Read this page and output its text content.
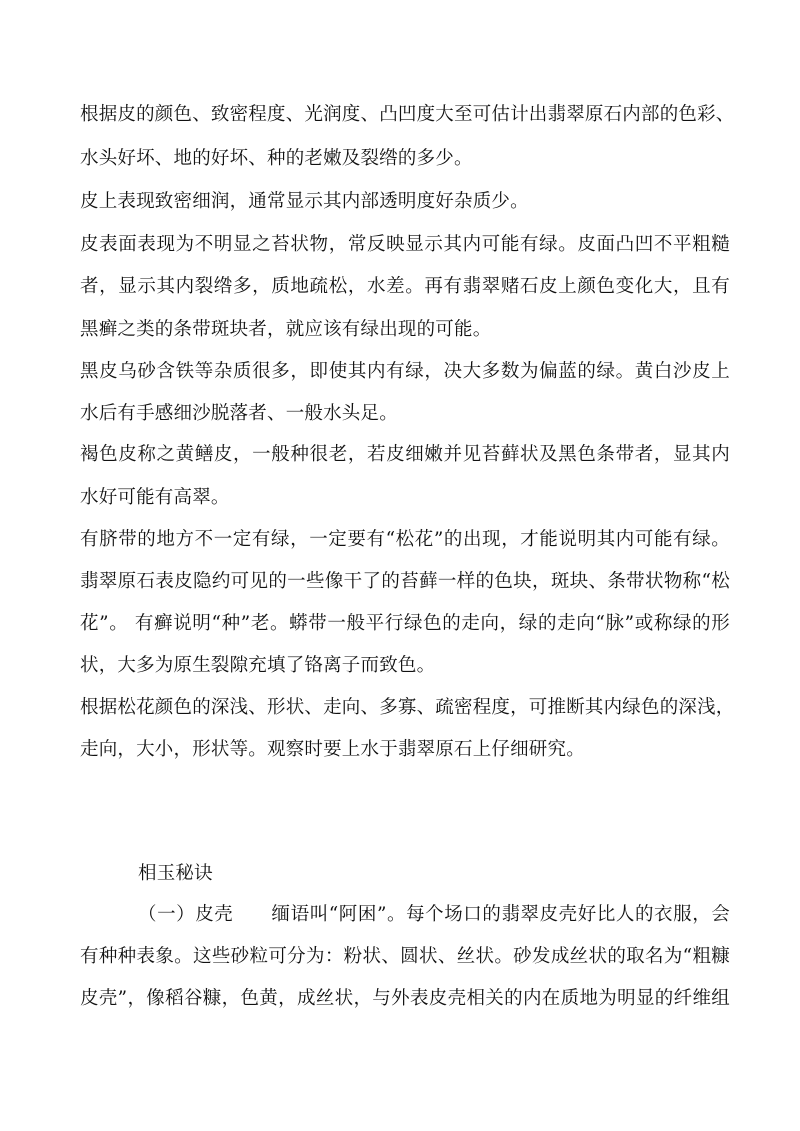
根据皮的颜色、致密程度、光润度、凸凹度大至可估计出翡翠原石内部的色彩、
水头好坏、地的好坏、种的老嫩及裂绺的多少。
皮上表现致密细润，通常显示其内部透明度好杂质少。
皮表面表现为不明显之苔状物，常反映显示其内可能有绿。皮面凸凹不平粗糙
者，显示其内裂绺多，质地疏松，水差。再有翡翠赌石皮上颜色变化大，且有
黑癣之类的条带斑块者，就应该有绿出现的可能。
黑皮乌砂含铁等杂质很多，即使其内有绿，决大多数为偏蓝的绿。黄白沙皮上
水后有手感细沙脱落者、一般水头足。
褐色皮称之黄鳝皮，一般种很老，若皮细嫩并见苔藓状及黑色条带者，显其内
水好可能有高翠。
有脐带的地方不一定有绿，一定要有“松花”的出现，才能说明其内可能有绿。
翡翠原石表皮隐约可见的一些像干了的苔藓一样的色块，斑块、条带状物称“松
花”。 有癣说明“种”老。蟒带一般平行绿色的走向，绿的走向“脉”或称绿的形
状，大多为原生裂隙充填了铬离子而致色。
根据松花颜色的深浅、形状、走向、多寡、疏密程度，可推断其内绿色的深浅，
走向，大小，形状等。观察时要上水于翡翠原石上仔细研究。
相玉秘诀
（一）皮壳　　缅语叫“阿困”。每个场口的翡翠皮壳好比人的衣服，会
有种种表象。这些砂粒可分为：粉状、圆状、丝状。砂发成丝状的取名为“粗糠
皮壳”，像稻谷糠，色黄，成丝状，与外表皮壳相关的内在质地为明显的纤维组
